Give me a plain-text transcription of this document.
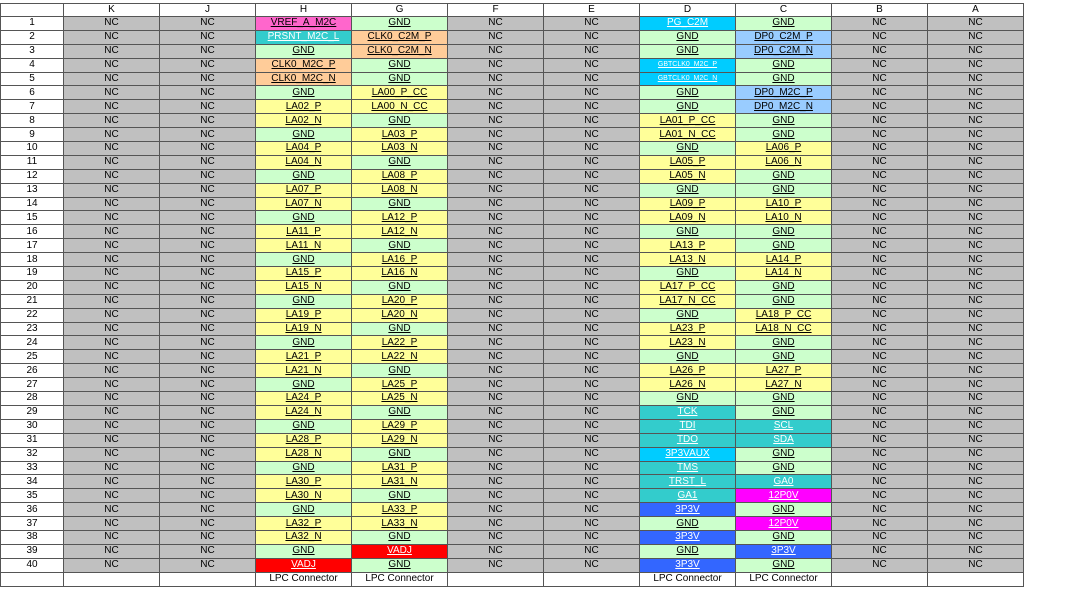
	K	J	H	G	F	E	D	C	B	A
1	NC	NC	VREF_A_M2C	GND	NC	NC	PG_C2M	GND	NC	NC
2	NC	NC	PRSNT_M2C_L	CLK0_C2M_P	NC	NC	GND	DP0_C2M_P	NC	NC
3	NC	NC	GND	CLK0_C2M_N	NC	NC	GND	DP0_C2M_N	NC	NC
4	NC	NC	CLK0_M2C_P	GND	NC	NC	GBTCLK0_M2C_P	GND	NC	NC
5	NC	NC	CLK0_M2C_N	GND	NC	NC	GBTCLK0_M2C_N	GND	NC	NC
6	NC	NC	GND	LA00_P_CC	NC	NC	GND	DP0_M2C_P	NC	NC
7	NC	NC	LA02_P	LA00_N_CC	NC	NC	GND	DP0_M2C_N	NC	NC
8	NC	NC	LA02_N	GND	NC	NC	LA01_P_CC	GND	NC	NC
9	NC	NC	GND	LA03_P	NC	NC	LA01_N_CC	GND	NC	NC
10	NC	NC	LA04_P	LA03_N	NC	NC	GND	LA06_P	NC	NC
11	NC	NC	LA04_N	GND	NC	NC	LA05_P	LA06_N	NC	NC
12	NC	NC	GND	LA08_P	NC	NC	LA05_N	GND	NC	NC
13	NC	NC	LA07_P	LA08_N	NC	NC	GND	GND	NC	NC
14	NC	NC	LA07_N	GND	NC	NC	LA09_P	LA10_P	NC	NC
15	NC	NC	GND	LA12_P	NC	NC	LA09_N	LA10_N	NC	NC
16	NC	NC	LA11_P	LA12_N	NC	NC	GND	GND	NC	NC
17	NC	NC	LA11_N	GND	NC	NC	LA13_P	GND	NC	NC
18	NC	NC	GND	LA16_P	NC	NC	LA13_N	LA14_P	NC	NC
19	NC	NC	LA15_P	LA16_N	NC	NC	GND	LA14_N	NC	NC
20	NC	NC	LA15_N	GND	NC	NC	LA17_P_CC	GND	NC	NC
21	NC	NC	GND	LA20_P	NC	NC	LA17_N_CC	GND	NC	NC
22	NC	NC	LA19_P	LA20_N	NC	NC	GND	LA18_P_CC	NC	NC
23	NC	NC	LA19_N	GND	NC	NC	LA23_P	LA18_N_CC	NC	NC
24	NC	NC	GND	LA22_P	NC	NC	LA23_N	GND	NC	NC
25	NC	NC	LA21_P	LA22_N	NC	NC	GND	GND	NC	NC
26	NC	NC	LA21_N	GND	NC	NC	LA26_P	LA27_P	NC	NC
27	NC	NC	GND	LA25_P	NC	NC	LA26_N	LA27_N	NC	NC
28	NC	NC	LA24_P	LA25_N	NC	NC	GND	GND	NC	NC
29	NC	NC	LA24_N	GND	NC	NC	TCK	GND	NC	NC
30	NC	NC	GND	LA29_P	NC	NC	TDI	SCL	NC	NC
31	NC	NC	LA28_P	LA29_N	NC	NC	TDO	SDA	NC	NC
32	NC	NC	LA28_N	GND	NC	NC	3P3VAUX	GND	NC	NC
33	NC	NC	GND	LA31_P	NC	NC	TMS	GND	NC	NC
34	NC	NC	LA30_P	LA31_N	NC	NC	TRST_L	GA0	NC	NC
35	NC	NC	LA30_N	GND	NC	NC	GA1	12P0V	NC	NC
36	NC	NC	GND	LA33_P	NC	NC	3P3V	GND	NC	NC
37	NC	NC	LA32_P	LA33_N	NC	NC	GND	12P0V	NC	NC
38	NC	NC	LA32_N	GND	NC	NC	3P3V	GND	NC	NC
39	NC	NC	GND	VADJ	NC	NC	GND	3P3V	NC	NC
40	NC	NC	VADJ	GND	NC	NC	3P3V	GND	NC	NC
			LPC Connector	LPC Connector			LPC Connector	LPC Connector		
